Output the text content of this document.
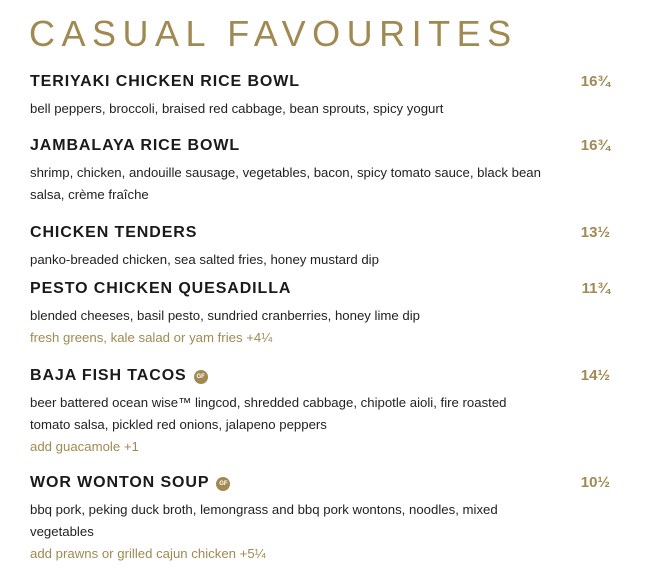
CASUAL FAVOURITES
TERIYAKI CHICKEN RICE BOWL	16¾
bell peppers, broccoli, braised red cabbage, bean sprouts, spicy yogurt
JAMBALAYA RICE BOWL	16¾
shrimp, chicken, andouille sausage, vegetables, bacon, spicy tomato sauce, black bean salsa, crème fraîche
CHICKEN TENDERS	13½
panko-breaded chicken, sea salted fries, honey mustard dip
PESTO CHICKEN QUESADILLA	11¾
blended cheeses, basil pesto, sundried cranberries, honey lime dip
fresh greens, kale salad or yam fries +4¼
BAJA FISH TACOS GF	14½
beer battered ocean wise™ lingcod, shredded cabbage, chipotle aioli, fire roasted tomato salsa, pickled red onions, jalapeno peppers
add guacamole +1
WOR WONTON SOUP GF	10½
bbq pork, peking duck broth, lemongrass and bbq pork wontons, noodles, mixed vegetables
add prawns or grilled cajun chicken +5¼
